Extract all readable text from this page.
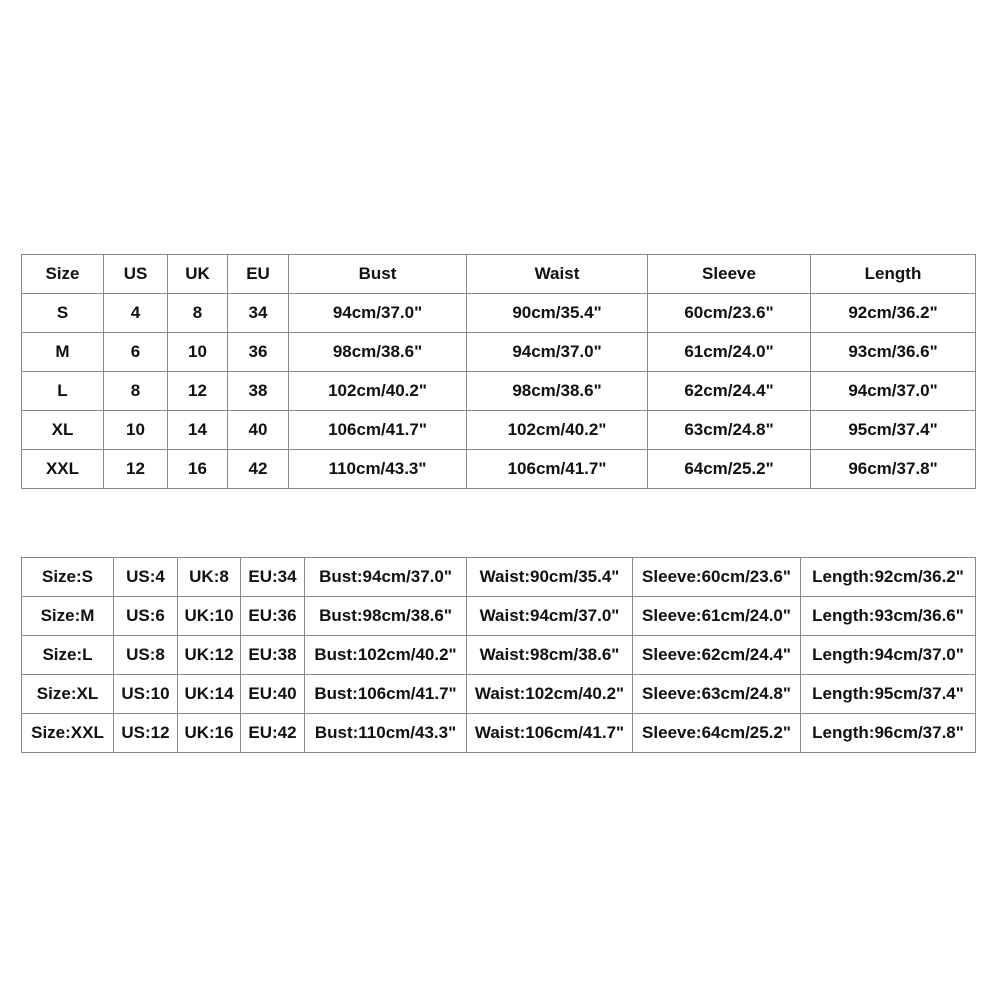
Size	US	UK	EU	Bust	Waist	Sleeve	Length
S	4	8	34	94cm/37.0"	90cm/35.4"	60cm/23.6"	92cm/36.2"
M	6	10	36	98cm/38.6"	94cm/37.0"	61cm/24.0"	93cm/36.6"
L	8	12	38	102cm/40.2"	98cm/38.6"	62cm/24.4"	94cm/37.0"
XL	10	14	40	106cm/41.7"	102cm/40.2"	63cm/24.8"	95cm/37.4"
XXL	12	16	42	110cm/43.3"	106cm/41.7"	64cm/25.2"	96cm/37.8"
Size:S	US:4	UK:8	EU:34	Bust:94cm/37.0"	Waist:90cm/35.4"	Sleeve:60cm/23.6"	Length:92cm/36.2"
Size:M	US:6	UK:10	EU:36	Bust:98cm/38.6"	Waist:94cm/37.0"	Sleeve:61cm/24.0"	Length:93cm/36.6"
Size:L	US:8	UK:12	EU:38	Bust:102cm/40.2"	Waist:98cm/38.6"	Sleeve:62cm/24.4"	Length:94cm/37.0"
Size:XL	US:10	UK:14	EU:40	Bust:106cm/41.7"	Waist:102cm/40.2"	Sleeve:63cm/24.8"	Length:95cm/37.4"
Size:XXL	US:12	UK:16	EU:42	Bust:110cm/43.3"	Waist:106cm/41.7"	Sleeve:64cm/25.2"	Length:96cm/37.8"
